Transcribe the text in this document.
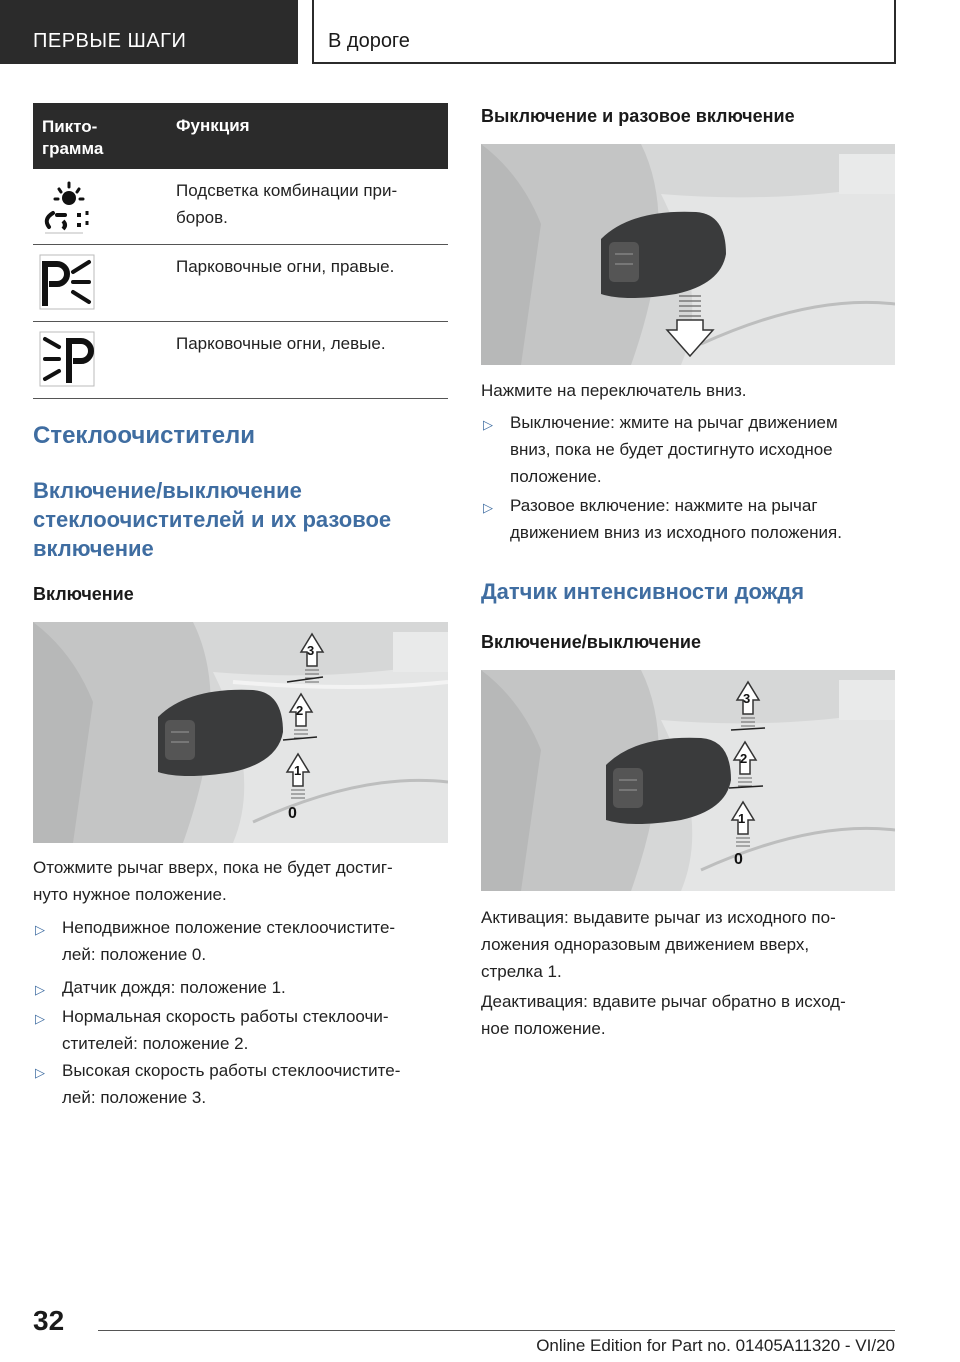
ПЕРВЫЕ ШАГИ	В дороге
Пикто-
грамма
Функция
Подсветка комбинации при-
боров.
Парковочные огни, правые.
Парковочные огни, левые.
Стеклоочистители
Включение/выключение стеклоочистителей и их разовое включение
Включение
3
2
1
0
Отожмите рычаг вверх, пока не будет достиг-
нуто нужное положение.
▷ Неподвижное положение стеклоочистите-
лей: положение 0.
▷ Датчик дождя: положение 1.
▷ Нормальная скорость работы стеклоочи-
стителей: положение 2.
▷ Высокая скорость работы стеклоочистите-
лей: положение 3.
Выключение и разовое включение
Нажмите на переключатель вниз.
▷ Выключение: жмите на рычаг движением
вниз, пока не будет достигнуто исходное
положение.
▷ Разовое включение: нажмите на рычаг
движением вниз из исходного положения.
Датчик интенсивности дождя
Включение/выключение
3
2
1
0
Активация: выдавите рычаг из исходного по-
ложения одноразовым движением вверх,
стрелка 1.
Деактивация: вдавите рычаг обратно в исход-
ное положение.
32
Online Edition for Part no. 01405A11320 - VI/20
